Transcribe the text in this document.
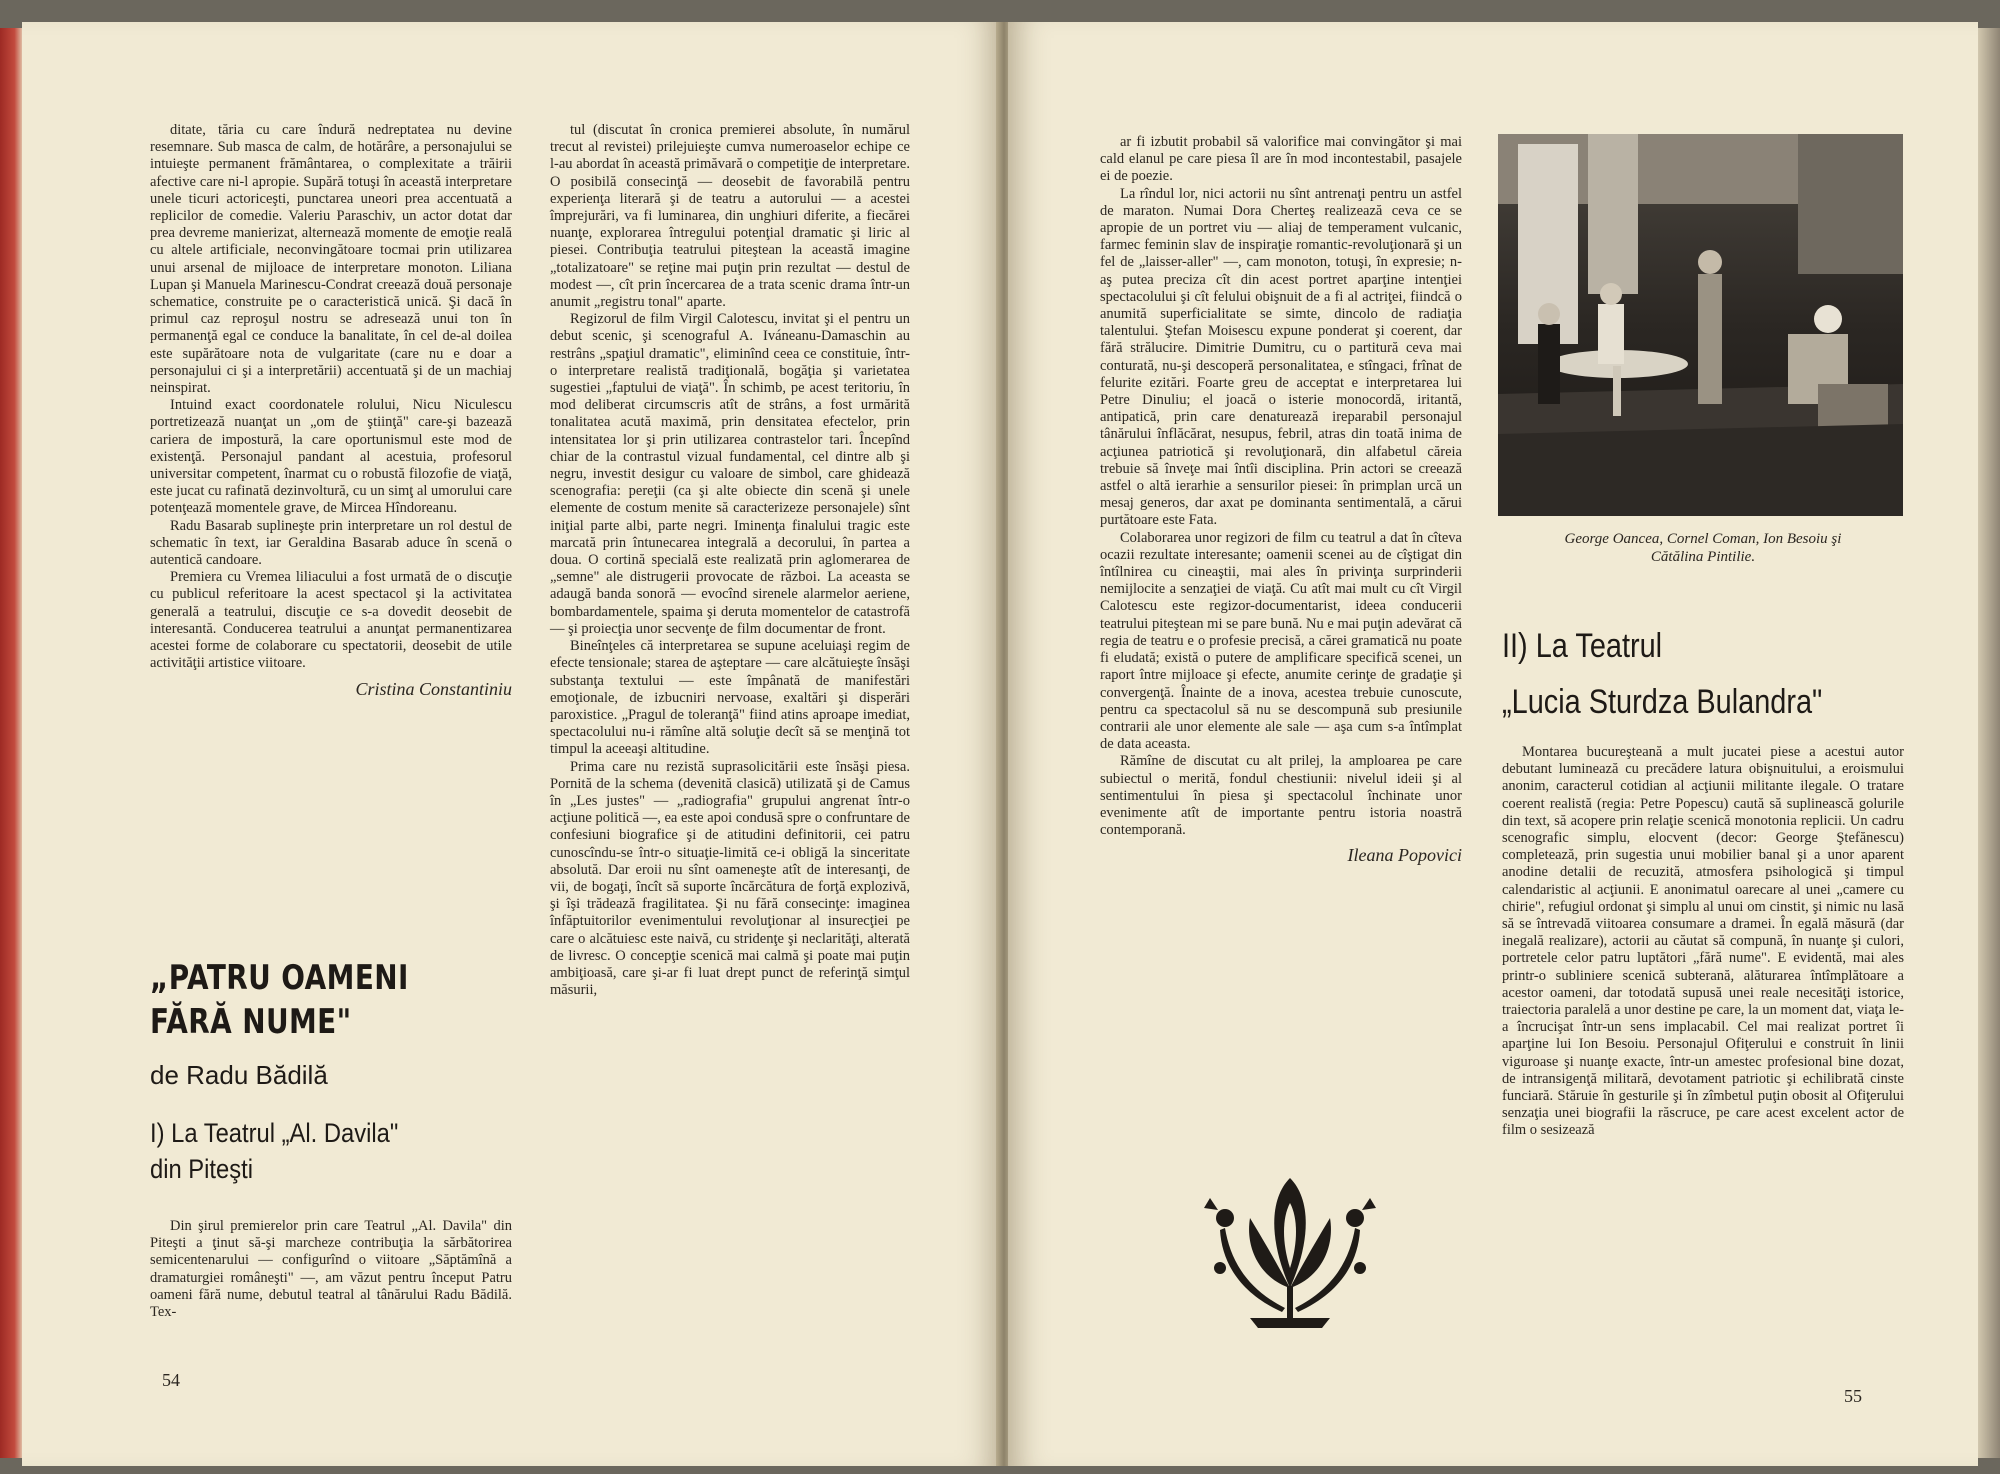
ditate, tăria cu care îndură nedreptatea nu devine resemnare. Sub masca de calm, de hotărâre, a personajului se intuieşte permanent frământarea, o complexitate a trăirii afective care ni-l apropie. Supără totuşi în această interpretare unele ticuri actoriceşti, punctarea uneori prea accentuată a replicilor de comedie. Valeriu Paraschiv, un actor dotat dar prea devreme manierizat, alternează momente de emoţie reală cu altele artificiale, neconvingătoare tocmai prin utilizarea unui arsenal de mijloace de interpretare monoton. Liliana Lupan şi Manuela Marinescu-Condrat creează două personaje schematice, construite pe o caracteristică unică. Şi dacă în primul caz reproşul nostru se adresează unui ton în permanenţă egal ce conduce la banalitate, în cel de-al doilea este supărătoare nota de vulgaritate (care nu e doar a personajului ci şi a interpretării) accentuată şi de un machiaj neinspirat.

Intuind exact coordonatele rolului, Nicu Niculescu portretizează nuanţat un „om de ştiinţă" care-şi bazează cariera de impostură, la care oportunismul este mod de existenţă. Personajul pandant al acestuia, profesorul universitar competent, înarmat cu o robustă filozofie de viaţă, este jucat cu rafinată dezinvoltură, cu un simţ al umorului care potenţează momentele grave, de Mircea Hîndoreanu.

Radu Basarab suplineşte prin interpretare un rol destul de schematic în text, iar Geraldina Basarab aduce în scenă o autentică candoare.

Premiera cu Vremea liliacului a fost urmată de o discuţie cu publicul referitoare la acest spectacol şi la activitatea generală a teatrului, discuţie ce s-a dovedit deosebit de interesantă. Conducerea teatrului a anunţat permanentizarea acestei forme de colaborare cu spectatorii, deosebit de utile activităţii artistice viitoare.

Cristina Constantiniu
„PATRU OAMENI
FĂRĂ NUME"
de Radu Bădilă
I) La Teatrul „Al. Davila"
din Piteşti

Din şirul premierelor prin care Teatrul „Al. Davila" din Piteşti a ţinut să-şi marcheze contribuţia la sărbătorirea semicentenarului — configurînd o viitoare „Săptămînă a dramaturgiei româneşti" —, am văzut pentru început Patru oameni fără nume, debutul teatral al tânărului Radu Bădilă. Tex-

tul (discutat în cronica premierei absolute, în numărul trecut al revistei) prilejuieşte cumva numeroaselor echipe ce l-au abordat în această primăvară o competiţie de interpretare. O posibilă consecinţă — deosebit de favorabilă pentru experienţa literară şi de teatru a autorului — a acestei împrejurări, va fi luminarea, din unghiuri diferite, a fiecărei nuanţe, explorarea întregului potenţial dramatic şi liric al piesei. Contribuţia teatrului piteştean la această imagine „totalizatoare" se reţine mai puţin prin rezultat — destul de modest —, cît prin încercarea de a trata scenic drama într-un anumit „registru tonal" aparte.

Regizorul de film Virgil Calotescu, invitat şi el pentru un debut scenic, şi scenograful A. Iváneanu-Damaschin au restrâns „spaţiul dramatic", eliminînd ceea ce constituie, într-o interpretare realistă tradiţională, bogăţia şi varietatea sugestiei „faptului de viaţă". În schimb, pe acest teritoriu, în mod deliberat circumscris atît de strâns, a fost urmărită tonalitatea acută maximă, prin densitatea efectelor, prin intensitatea lor şi prin utilizarea contrastelor tari. Începînd chiar de la contrastul vizual fundamental, cel dintre alb şi negru, investit desigur cu valoare de simbol, care ghidează scenografia: pereţii (ca şi alte obiecte din scenă şi unele elemente de costum menite să caracterizeze personajele) sînt iniţial parte albi, parte negri. Iminenţa finalului tragic este marcată prin întunecarea integrală a decorului, în partea a doua. O cortină specială este realizată prin aglomerarea de „semne" ale distrugerii provocate de război. La aceasta se adaugă banda sonoră — evocînd sirenele alarmelor aeriene, bombardamentele, spaima şi deruta momentelor de catastrofă — şi proiecţia unor secvenţe de film documentar de front.

Bineînţeles că interpretarea se supune aceluiaşi regim de efecte tensionale; starea de aşteptare — care alcătuieşte însăşi substanţa textului — este împânată de manifestări emoţionale, de izbucniri nervoase, exaltări şi disperări paroxistice. „Pragul de toleranţă" fiind atins aproape imediat, spectacolului nu-i rămîne altă soluţie decît să se menţină tot timpul la aceeaşi altitudine.

Prima care nu rezistă suprasolicitării este însăşi piesa. Pornită de la schema (devenită clasică) utilizată şi de Camus în „Les justes" — „radiografia" grupului angrenat într-o acţiune politică —, ea este apoi condusă spre o confruntare de confesiuni biografice şi de atitudini definitorii, cei patru cunoscîndu-se într-o situaţie-limită ce-i obligă la sinceritate absolută. Dar eroii nu sînt oameneşte atît de interesanţi, de vii, de bogaţi, încît să suporte încărcătura de forţă explozivă, şi îşi trădează fragilitatea. Şi nu fără consecinţe: imaginea înfăptuitorilor evenimentului revoluţionar al insurecţiei pe care o alcătuiesc este naivă, cu stridenţe şi neclarităţi, alterată de livresc. O concepţie scenică mai calmă şi poate mai puţin ambiţioasă, care şi-ar fi luat drept punct de referinţă simţul măsurii,

54

ar fi izbutit probabil să valorifice mai convingător şi mai cald elanul pe care piesa îl are în mod incontestabil, pasajele ei de poezie.

La rîndul lor, nici actorii nu sînt antrenaţi pentru un astfel de maraton. Numai Dora Cherteş realizează ceva ce se apropie de un portret viu — aliaj de temperament vulcanic, farmec feminin slav de inspiraţie romantic-revoluţionară şi un fel de „laisser-aller" —, cam monoton, totuşi, în expresie; n-aş putea preciza cît din acest portret aparţine intenţiei spectacolului şi cît felului obişnuit de a fi al actriţei, fiindcă o anumită superficialitate se simte, dincolo de radiaţia talentului. Ştefan Moisescu expune ponderat şi coerent, dar fără strălucire. Dimitrie Dumitru, cu o partitură ceva mai conturată, nu-şi descoperă personalitatea, e stîngaci, frînat de felurite ezitări. Foarte greu de acceptat e interpretarea lui Petre Dinuliu; el joacă o isterie monocordă, iritantă, antipatică, prin care denaturează ireparabil personajul tânărului înflăcărat, nesupus, febril, atras din toată inima de acţiunea patriotică şi revoluţionară, din alfabetul căreia trebuie să înveţe mai întîi disciplina. Prin actori se creează astfel o altă ierarhie a sensurilor piesei: în primplan urcă un mesaj generos, dar axat pe dominanta sentimentală, a cărui purtătoare este Fata.

Colaborarea unor regizori de film cu teatrul a dat în cîteva ocazii rezultate interesante; oamenii scenei au de cîştigat din întîlnirea cu cineaştii, mai ales în privinţa surprinderii nemijlocite a senzaţiei de viaţă. Cu atît mai mult cu cît Virgil Calotescu este regizor-documentarist, ideea conducerii teatrului piteştean mi se pare bună. Nu e mai puţin adevărat că regia de teatru e o profesie precisă, a cărei gramatică nu poate fi eludată; există o putere de amplificare specifică scenei, un raport între mijloace şi efecte, anumite cerinţe de gradaţie şi convergenţă. Înainte de a inova, acestea trebuie cunoscute, pentru ca spectacolul să nu se descompună sub presiunile contrarii ale unor elemente ale sale — aşa cum s-a întîmplat de data aceasta.

Rămîne de discutat cu alt prilej, la amploarea pe care subiectul o merită, fondul chestiunii: nivelul ideii şi al sentimentului în piesa şi spectacolul închinate unor evenimente atît de importante pentru istoria noastră contemporană.

Ileana Popovici
George Oancea, Cornel Coman, Ion Besoiu şi Cătălina Pintilie.
II) La Teatrul
„Lucia Sturdza Bulandra"

Montarea bucureşteană a mult jucatei piese a acestui autor debutant luminează cu precădere latura obişnuitului, a eroismului anonim, caracterul cotidian al acţiunii militante ilegale. O tratare coerent realistă (regia: Petre Popescu) caută să suplinească golurile din text, să acopere prin relaţie scenică monotonia replicii. Un cadru scenografic simplu, elocvent (decor: George Ştefănescu) completează, prin sugestia unui mobilier banal şi a unor aparent anodine detalii de recuzită, atmosfera psihologică şi timpul calendaristic al acţiunii. E anonimatul oarecare al unei „camere cu chirie", refugiul ordonat şi simplu al unui om cinstit, şi nimic nu lasă să se întrevadă viitoarea consumare a dramei. În egală măsură (dar inegală realizare), actorii au căutat să compună, în nuanţe şi culori, portretele celor patru luptători „fără nume". E evidentă, mai ales printr-o subliniere scenică subterană, alăturarea întîmplătoare a acestor oameni, dar totodată supusă unei reale necesităţi istorice, traiectoria paralelă a unor destine pe care, la un moment dat, viaţa le-a încrucişat într-un sens implacabil. Cel mai realizat portret îi aparţine lui Ion Besoiu. Personajul Ofiţerului e construit în linii viguroase şi nuanţe exacte, într-un amestec profesional bine dozat, de intransigenţă militară, devotament patriotic şi echilibrată cinste funciară. Stăruie în gesturile şi în zîmbetul puţin obosit al Ofiţerului senzaţia unei biografii la răscruce, pe care acest excelent actor de film o sesizează

55
